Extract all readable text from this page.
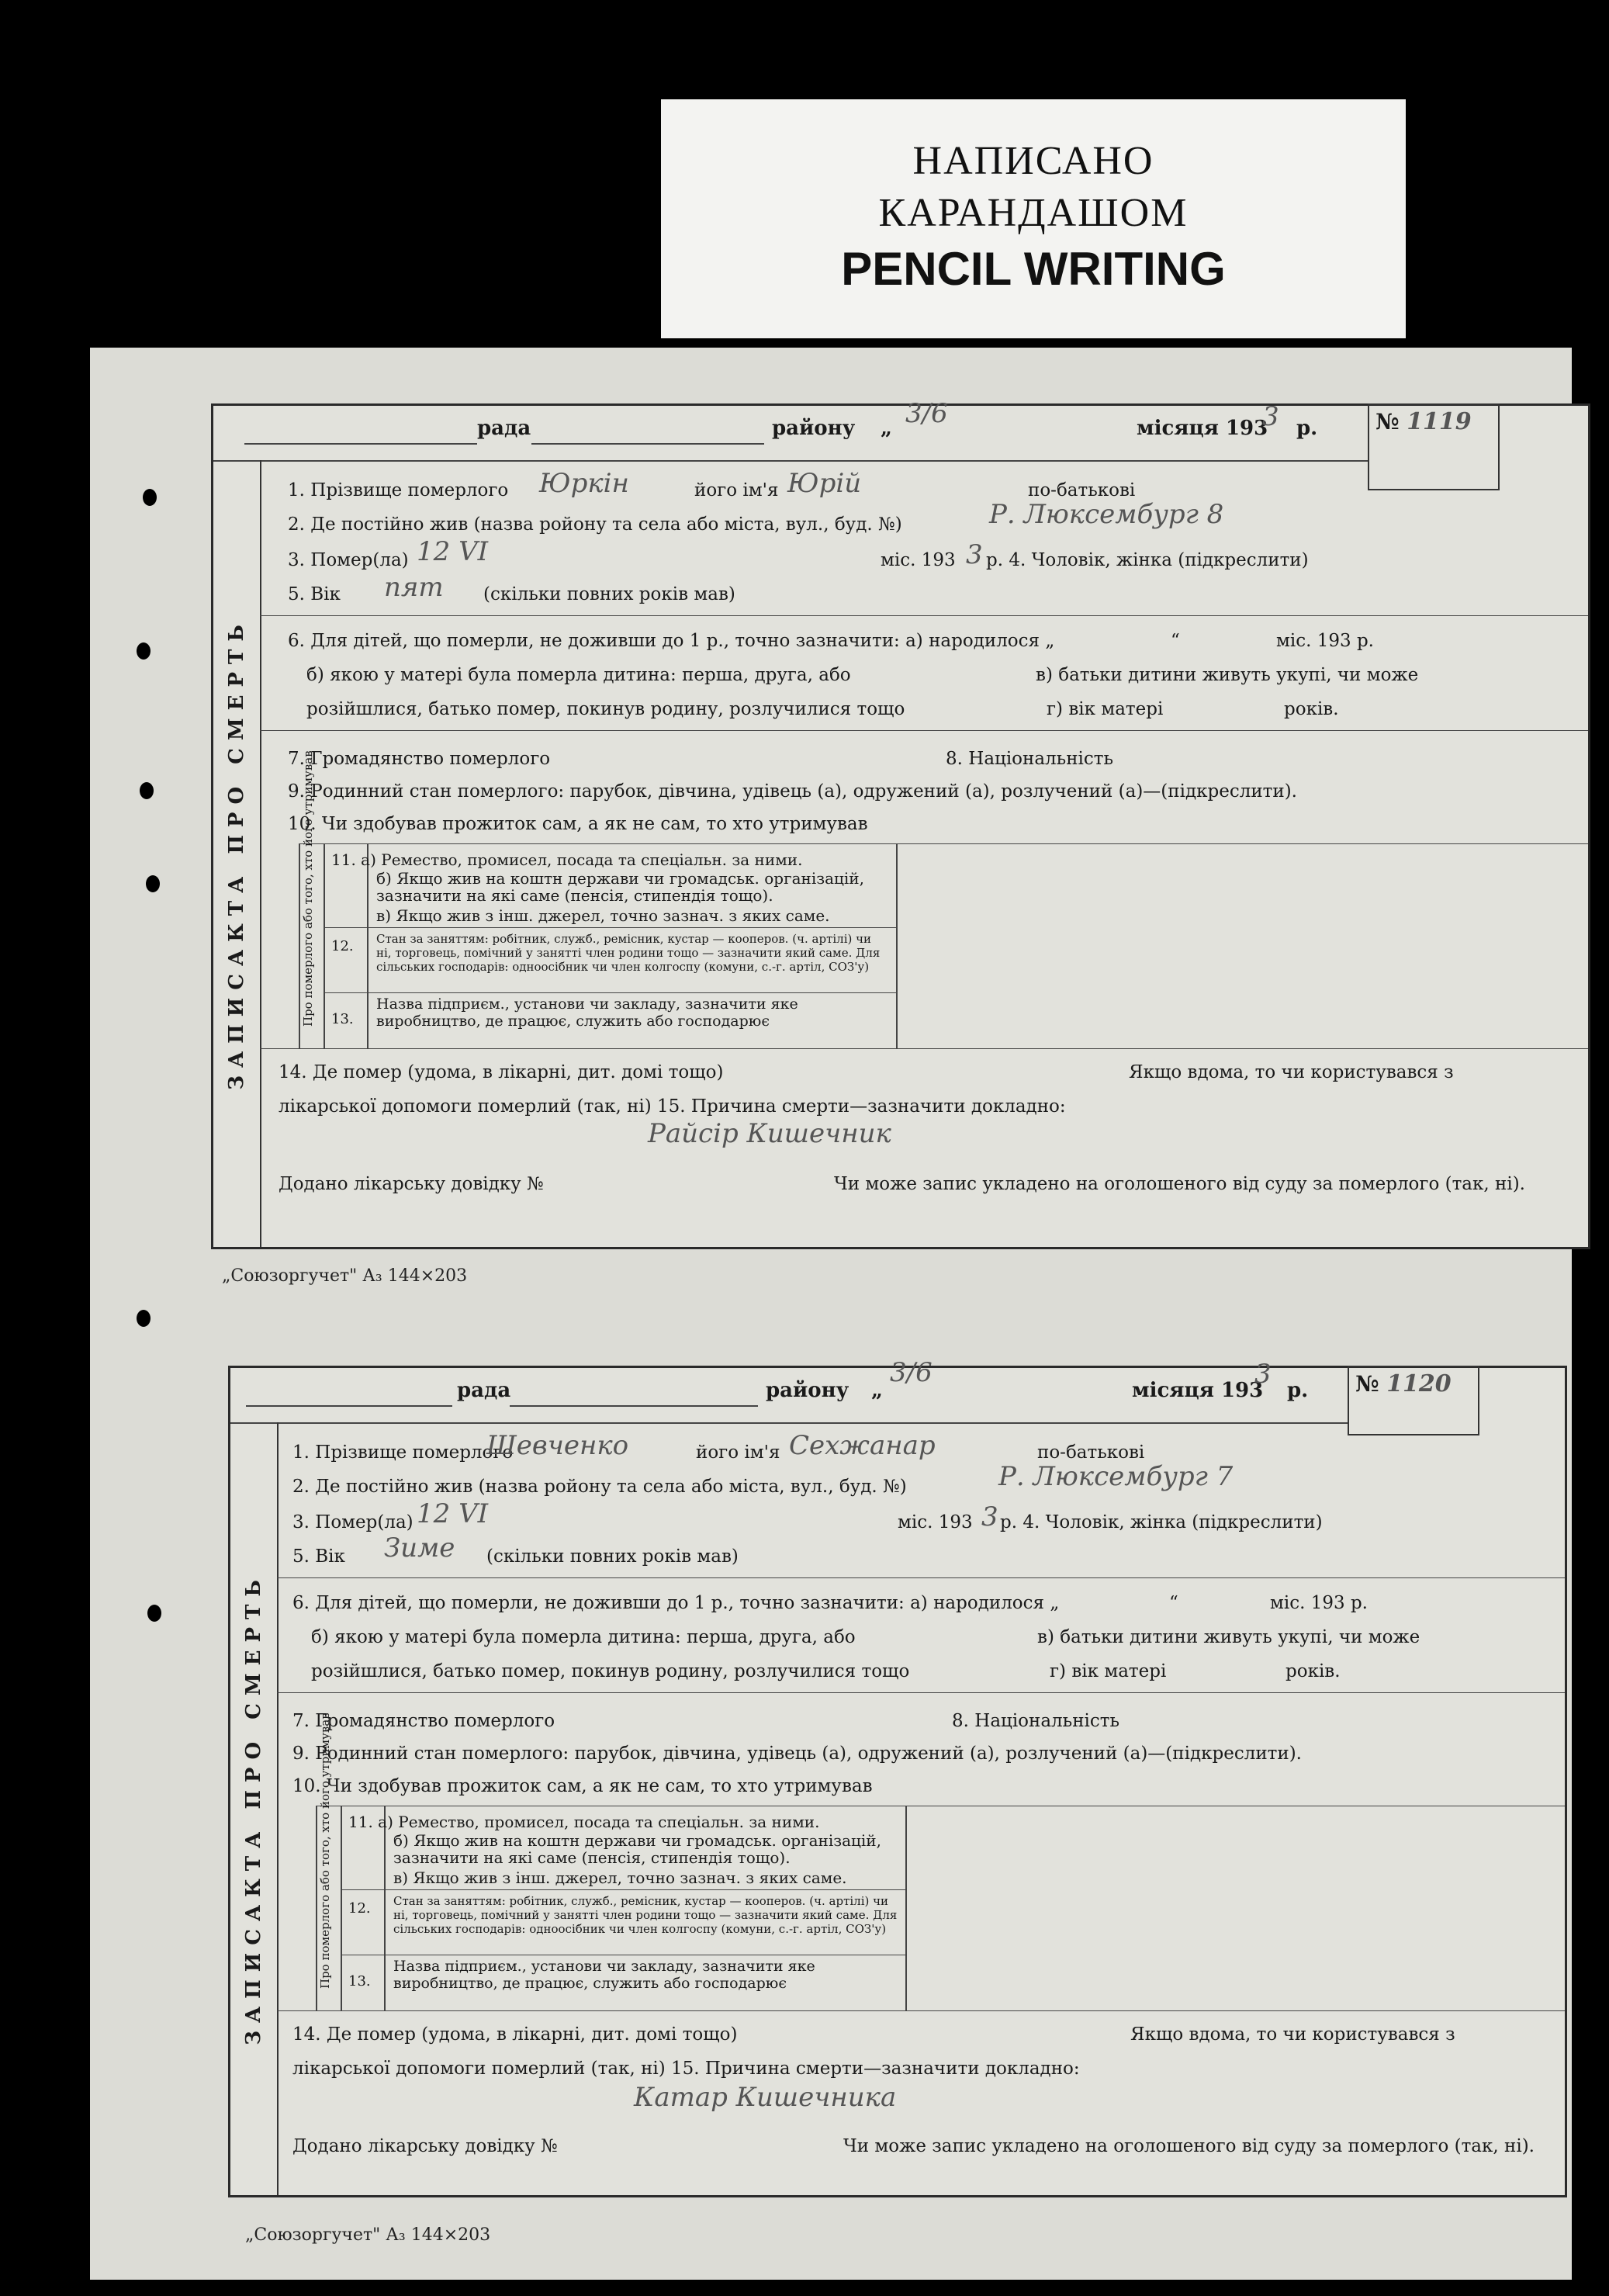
НАПИСАНО
КАРАНДАШОМ
PENCIL WRITING
рада	району „ 3/6	місяця 193
3 р.	№ 1119
ЗАПИСАКТА ПРО СМЕРТЬ
1. Прізвище померлого Юркін	його ім'я Юрій	по-батькові
2. Де постійно жив (назва ройону та села або міста, вул., буд. №)	Р. Люксембург 8
3. Помер(ла) 12 VI	міс. 193 3 р. 4. Чоловік, жінка (підкреслити)
5. Вік пят (скільки повних років мав)
6. Для дітей, що померли, не доживши до 1 р., точно зазначити: а) народилося „	“	міс. 193 р.
б) якою у матері була померла дитина: перша, друга, або	в) батьки дитини живуть укупі, чи може
розійшлися, батько помер, покинув родину, розлучилися тощо	г) вік матері	років.
7. Громадянство померлого	8. Національність
9. Родинний стан померлого: парубок, дівчина, удівець (а), одружений (а), розлучений (а)—(підкреслити).
10. Чи здобував прожиток сам, а як не сам, то хто утримував
Про померлого або того, хто його утримував 11. а) Ремество, промисел, посада та спеціальн. за ними.
б) Якщо жив на коштн держави чи громадськ. організацій, зазначити на які саме (пенсія, стипендія тощо).
в) Якщо жив з інш. джерел, точно зазнач. з яких саме.
12. Стан за заняттям: робітник, служб., ремісник, кустар — кооперов. (ч. артілі) чи ні, торговець, помічний у занятті член родини тощо — зазначити який саме. Для сільських господарів: одноосібник чи член колгоспу (комуни, с.-г. артіл, СОЗ'у)
13.
Назва підприєм., установи чи закладу, зазначити яке виробництво, де працює, служить або господарює
14. Де помер (удома, в лікарні, дит. домі тощо)	Якщо вдома, то чи користувався з
лікарської допомоги померлий (так, ні) 15. Причина смерти—зазначити докладно:
Райсір Кишечник
Додано лікарську довідку №	Чи може запис укладено на оголошеного від суду за померлого (так, ні).
„Союзоргучет" А₃ 144×203
рада	району „
3/6
місяця 193
3
р.	№ 1120
ЗАПИСАКТА ПРО СМЕРТЬ
1. Прізвище померлого
Шевченко	його ім'я Сехжанар	по-батькові
2. Де постійно жив (назва ройону та села або міста, вул., буд. №)	Р. Люксембург 7
3. Помер(ла) 12 VI	міс. 193 3 р. 4. Чоловік, жінка (підкреслити)
5. Вік Зиме (скільки повних років мав)
6. Для дітей, що померли, не доживши до 1 р., точно зазначити: а) народилося „	“	міс. 193 р.
б) якою у матері була померла дитина: перша, друга, або	в) батьки дитини живуть укупі, чи може
розійшлися, батько помер, покинув родину, розлучилися тощо	г) вік матері	років.
7. Громадянство померлого	8. Національність
9. Родинний стан померлого: парубок, дівчина, удівець (а), одружений (а), розлучений (а)—(підкреслити).
10. Чи здобував прожиток сам, а як не сам, то хто утримував
Про померлого або того, хто його утримував 11. а) Ремество, промисел, посада та спеціальн. за ними.
б) Якщо жив на коштн держави чи громадськ. організацій, зазначити на які саме (пенсія, стипендія тощо).
в) Якщо жив з інш. джерел, точно зазнач. з яких саме.
12. Стан за заняттям: робітник, служб., ремісник, кустар — кооперов. (ч. артілі) чи ні, торговець, помічний у занятті член родини тощо — зазначити який саме. Для сільських господарів: одноосібник чи член колгоспу (комуни, с.-г. артіл, СОЗ'у)
13.
Назва підприєм., установи чи закладу, зазначити яке виробництво, де працює, служить або господарює
14. Де помер (удома, в лікарні, дит. домі тощо)	Якщо вдома, то чи користувався з
лікарської допомоги померлий (так, ні) 15. Причина смерти—зазначити докладно:
Катар Кишечника
Додано лікарську довідку №	Чи може запис укладено на оголошеного від суду за померлого (так, ні).
„Союзоргучет" А₃ 144×203
